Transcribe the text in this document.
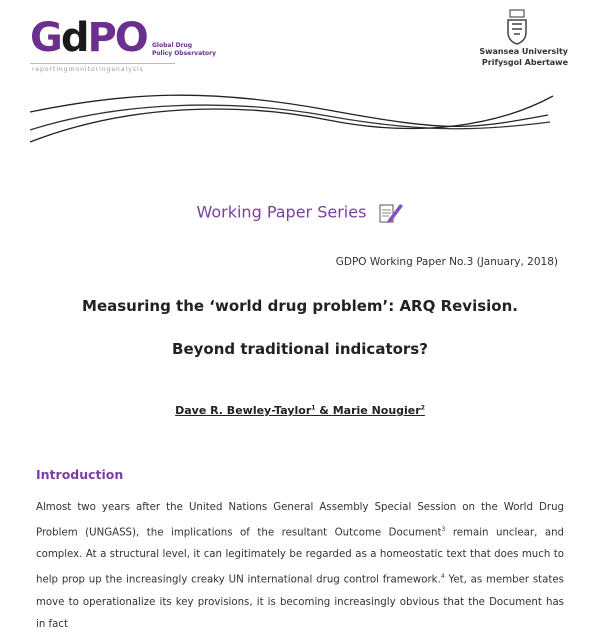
GdPO Global Drug
Policy Observatory
reportingmonitoringanalysis
Swansea University
Prifysgol Abertawe
Working Paper Series
GDPO Working Paper No.3 (January, 2018)
Measuring the ‘world drug problem’: ARQ Revision.
Beyond traditional indicators?
Dave R. Bewley-Taylor$^1$ & Marie Nougier$^2$
Introduction

Almost two years after the United Nations General Assembly Special Session on the World Drug Problem (UNGASS), the implications of the resultant Outcome Document$^3$ remain unclear, and complex. At a structural level, it can legitimately be regarded as a homeostatic text that does much to help prop up the increasingly creaky UN international drug control framework.$^4$ Yet, as member states move to operationalize its key provisions, it is becoming increasingly obvious that the Document has in fact
